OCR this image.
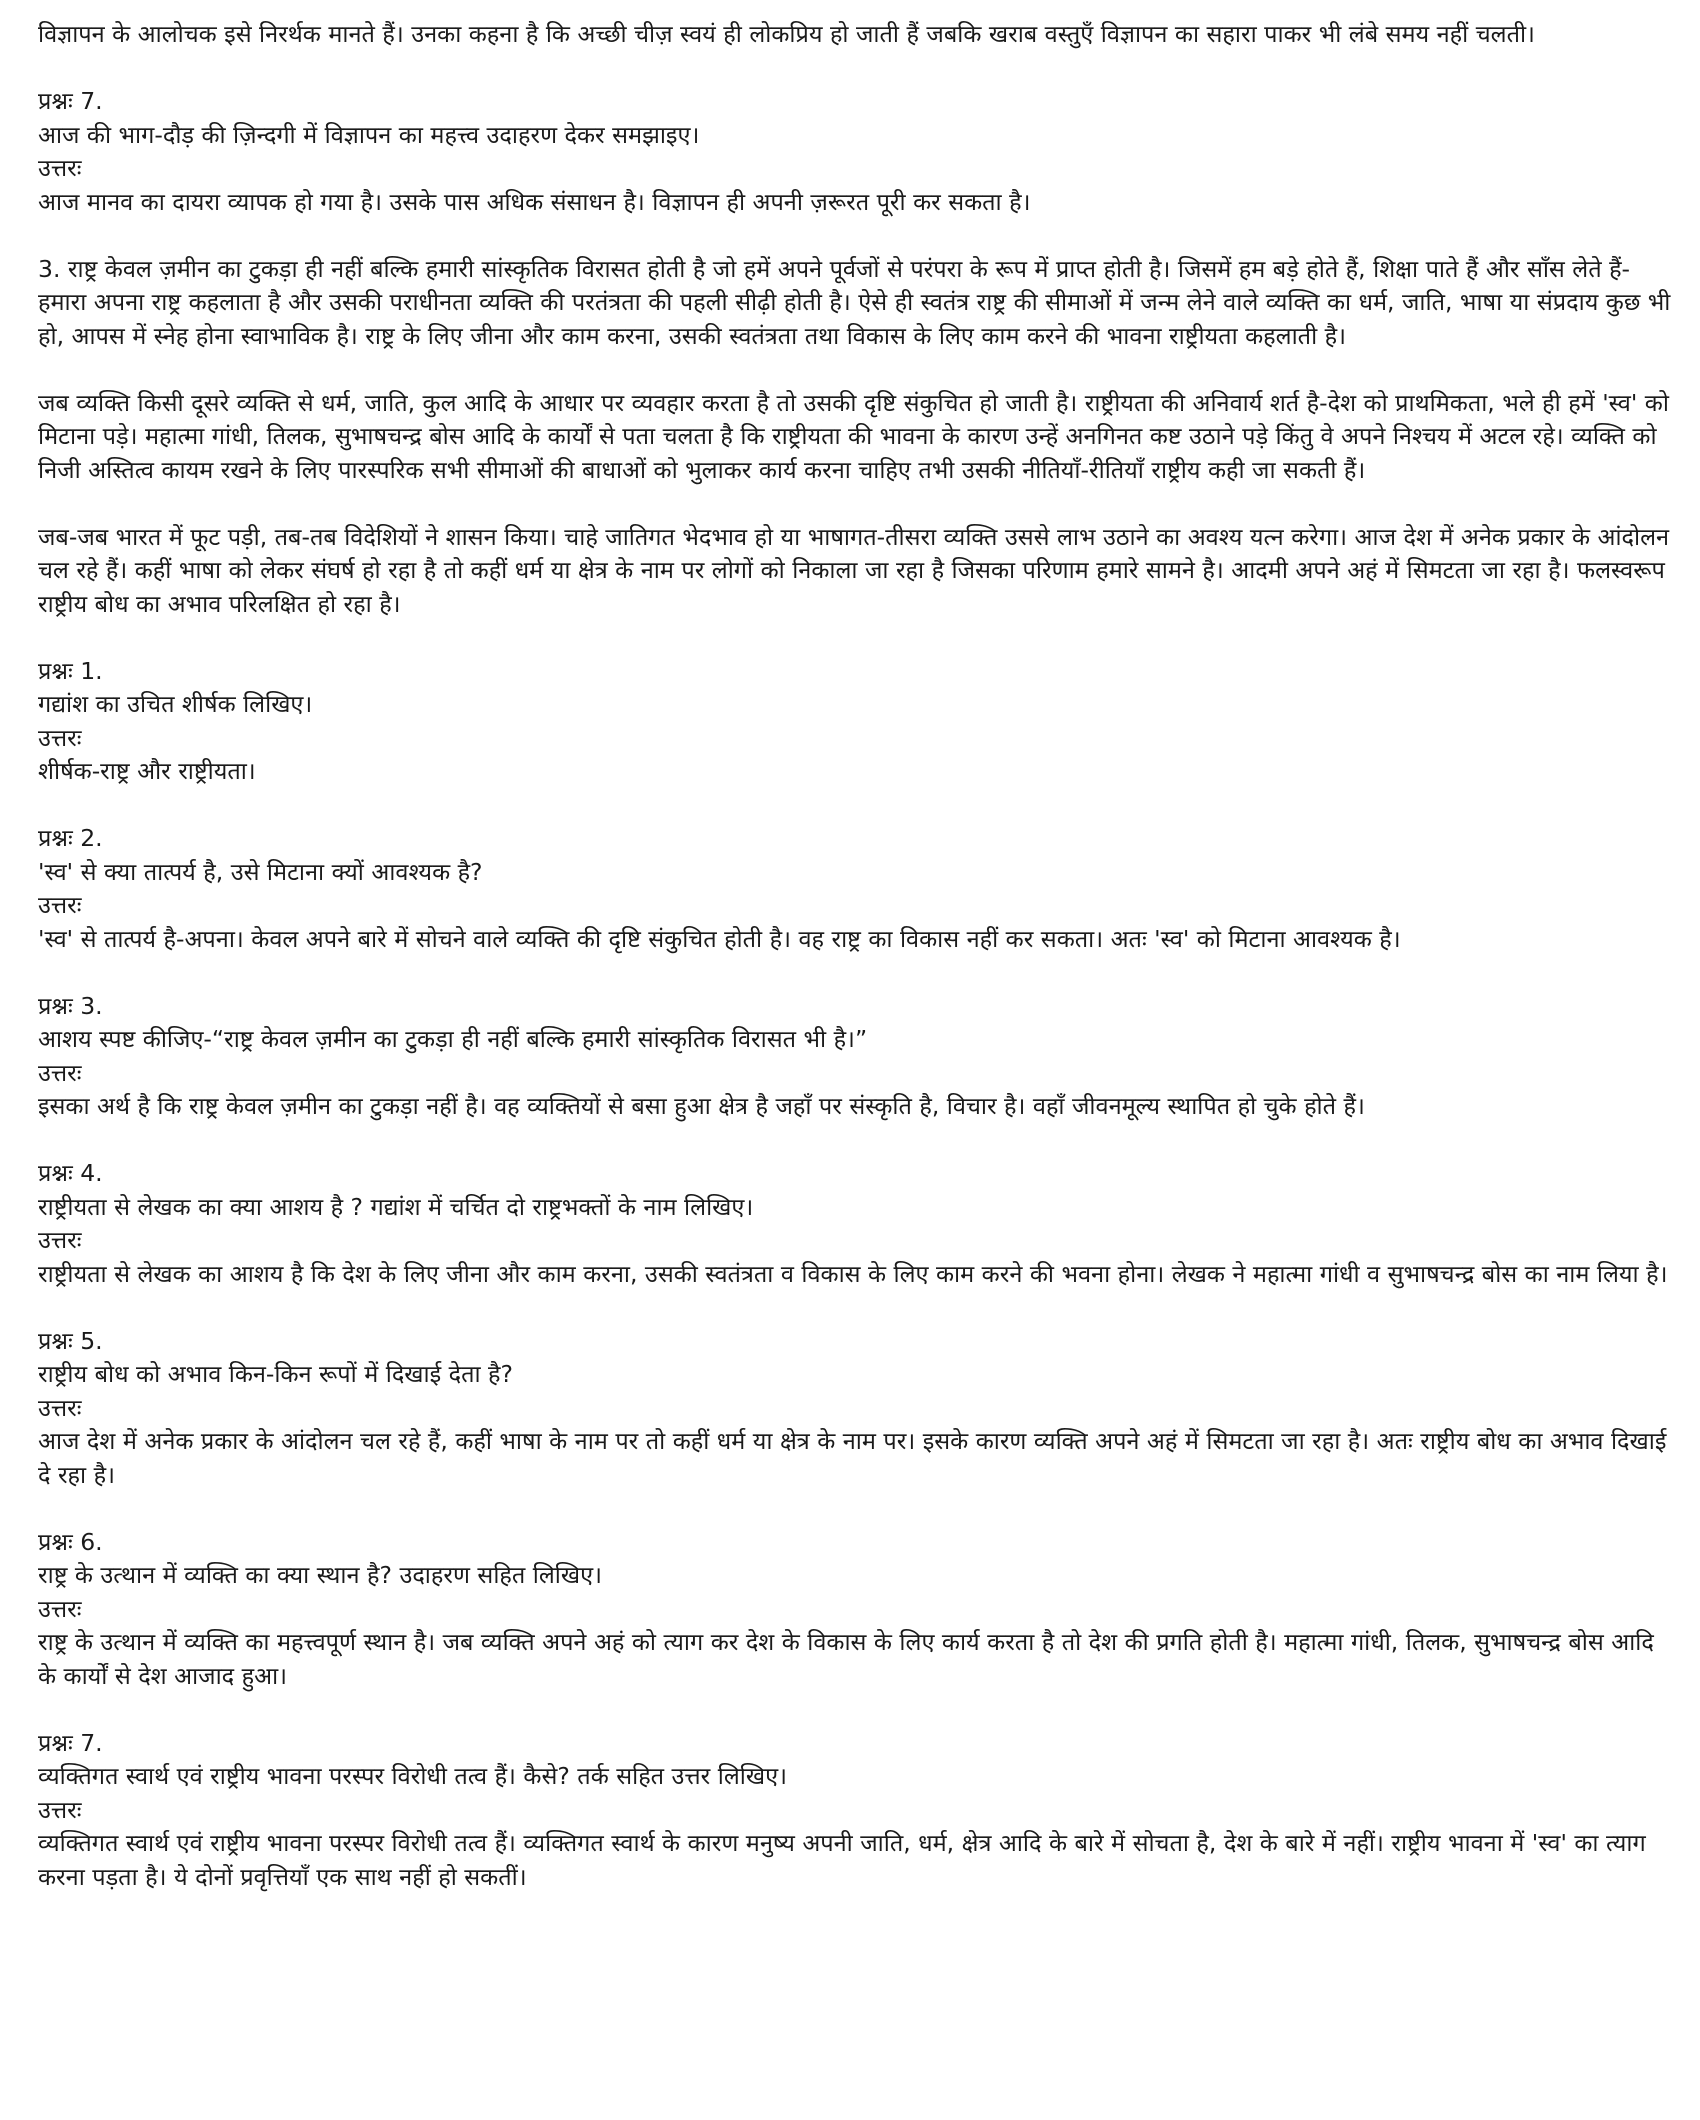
विज्ञापन के आलोचक इसे निरर्थक मानते हैं। उनका कहना है कि अच्छी चीज़ स्वयं ही लोकप्रिय हो जाती हैं जबकि खराब वस्तुएँ विज्ञापन का सहारा पाकर भी लंबे समय नहीं चलती।

प्रश्नः 7.

आज की भाग-दौड़ की ज़िन्दगी में विज्ञापन का महत्त्व उदाहरण देकर समझाइए।

उत्तरः

आज मानव का दायरा व्यापक हो गया है। उसके पास अधिक संसाधन है। विज्ञापन ही अपनी ज़रूरत पूरी कर सकता है।

3. राष्ट्र केवल ज़मीन का टुकड़ा ही नहीं बल्कि हमारी सांस्कृतिक विरासत होती है जो हमें अपने पूर्वजों से परंपरा के रूप में प्राप्त होती है। जिसमें हम बड़े होते हैं, शिक्षा पाते हैं और साँस लेते हैं-हमारा अपना राष्ट्र कहलाता है और उसकी पराधीनता व्यक्ति की परतंत्रता की पहली सीढ़ी होती है। ऐसे ही स्वतंत्र राष्ट्र की सीमाओं में जन्म लेने वाले व्यक्ति का धर्म, जाति, भाषा या संप्रदाय कुछ भी हो, आपस में स्नेह होना स्वाभाविक है। राष्ट्र के लिए जीना और काम करना, उसकी स्वतंत्रता तथा विकास के लिए काम करने की भावना राष्ट्रीयता कहलाती है।

जब व्यक्ति किसी दूसरे व्यक्ति से धर्म, जाति, कुल आदि के आधार पर व्यवहार करता है तो उसकी दृष्टि संकुचित हो जाती है। राष्ट्रीयता की अनिवार्य शर्त है-देश को प्राथमिकता, भले ही हमें 'स्व' को मिटाना पड़े। महात्मा गांधी, तिलक, सुभाषचन्द्र बोस आदि के कार्यों से पता चलता है कि राष्ट्रीयता की भावना के कारण उन्हें अनगिनत कष्ट उठाने पड़े किंतु वे अपने निश्चय में अटल रहे। व्यक्ति को निजी अस्तित्व कायम रखने के लिए पारस्परिक सभी सीमाओं की बाधाओं को भुलाकर कार्य करना चाहिए तभी उसकी नीतियाँ-रीतियाँ राष्ट्रीय कही जा सकती हैं।

जब-जब भारत में फूट पड़ी, तब-तब विदेशियों ने शासन किया। चाहे जातिगत भेदभाव हो या भाषागत-तीसरा व्यक्ति उससे लाभ उठाने का अवश्य यत्न करेगा। आज देश में अनेक प्रकार के आंदोलन चल रहे हैं। कहीं भाषा को लेकर संघर्ष हो रहा है तो कहीं धर्म या क्षेत्र के नाम पर लोगों को निकाला जा रहा है जिसका परिणाम हमारे सामने है। आदमी अपने अहं में सिमटता जा रहा है। फलस्वरूप राष्ट्रीय बोध का अभाव परिलक्षित हो रहा है।

प्रश्नः 1.

गद्यांश का उचित शीर्षक लिखिए।

उत्तरः

शीर्षक-राष्ट्र और राष्ट्रीयता।

प्रश्नः 2.

'स्व' से क्या तात्पर्य है, उसे मिटाना क्यों आवश्यक है?

उत्तरः

'स्व' से तात्पर्य है-अपना। केवल अपने बारे में सोचने वाले व्यक्ति की दृष्टि संकुचित होती है। वह राष्ट्र का विकास नहीं कर सकता। अतः 'स्व' को मिटाना आवश्यक है।

प्रश्नः 3.

आशय स्पष्ट कीजिए-“राष्ट्र केवल ज़मीन का टुकड़ा ही नहीं बल्कि हमारी सांस्कृतिक विरासत भी है।”

उत्तरः

इसका अर्थ है कि राष्ट्र केवल ज़मीन का टुकड़ा नहीं है। वह व्यक्तियों से बसा हुआ क्षेत्र है जहाँ पर संस्कृति है, विचार है। वहाँ जीवनमूल्य स्थापित हो चुके होते हैं।

प्रश्नः 4.

राष्ट्रीयता से लेखक का क्या आशय है ? गद्यांश में चर्चित दो राष्ट्रभक्तों के नाम लिखिए।

उत्तरः

राष्ट्रीयता से लेखक का आशय है कि देश के लिए जीना और काम करना, उसकी स्वतंत्रता व विकास के लिए काम करने की भवना होना। लेखक ने महात्मा गांधी व सुभाषचन्द्र बोस का नाम लिया है।

प्रश्नः 5.

राष्ट्रीय बोध को अभाव किन-किन रूपों में दिखाई देता है?

उत्तरः

आज देश में अनेक प्रकार के आंदोलन चल रहे हैं, कहीं भाषा के नाम पर तो कहीं धर्म या क्षेत्र के नाम पर। इसके कारण व्यक्ति अपने अहं में सिमटता जा रहा है। अतः राष्ट्रीय बोध का अभाव दिखाई दे रहा है।

प्रश्नः 6.

राष्ट्र के उत्थान में व्यक्ति का क्या स्थान है? उदाहरण सहित लिखिए।

उत्तरः

राष्ट्र के उत्थान में व्यक्ति का महत्त्वपूर्ण स्थान है। जब व्यक्ति अपने अहं को त्याग कर देश के विकास के लिए कार्य करता है तो देश की प्रगति होती है। महात्मा गांधी, तिलक, सुभाषचन्द्र बोस आदि के कार्यों से देश आजाद हुआ।

प्रश्नः 7.

व्यक्तिगत स्वार्थ एवं राष्ट्रीय भावना परस्पर विरोधी तत्व हैं। कैसे? तर्क सहित उत्तर लिखिए।

उत्तरः

व्यक्तिगत स्वार्थ एवं राष्ट्रीय भावना परस्पर विरोधी तत्व हैं। व्यक्तिगत स्वार्थ के कारण मनुष्य अपनी जाति, धर्म, क्षेत्र आदि के बारे में सोचता है, देश के बारे में नहीं। राष्ट्रीय भावना में 'स्व' का त्याग करना पड़ता है। ये दोनों प्रवृत्तियाँ एक साथ नहीं हो सकतीं।
